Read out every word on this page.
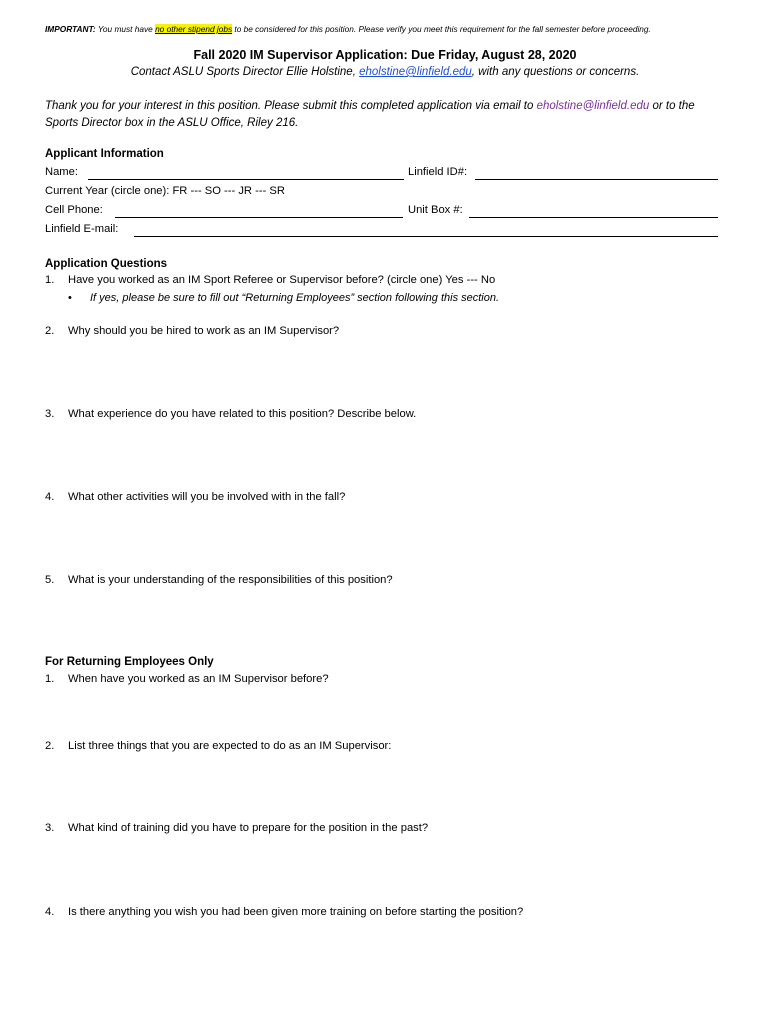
IMPORTANT: You must have no other stipend jobs to be considered for this position. Please verify you meet this requirement for the fall semester before proceeding.
Fall 2020 IM Supervisor Application: Due Friday, August 28, 2020
Contact ASLU Sports Director Ellie Holstine, eholstine@linfield.edu, with any questions or concerns.
Thank you for your interest in this position. Please submit this completed application via email to eholstine@linfield.edu or to the Sports Director box in the ASLU Office, Riley 216.
Applicant Information
Name:	Linfield ID#:
Current Year (circle one): FR --- SO --- JR --- SR
Cell Phone:	Unit Box #:
Linfield E-mail:
Application Questions
1. Have you worked as an IM Sport Referee or Supervisor before? (circle one) Yes --- No
• If yes, please be sure to fill out “Returning Employees” section following this section.
2. Why should you be hired to work as an IM Supervisor?
3. What experience do you have related to this position? Describe below.
4. What other activities will you be involved with in the fall?
5. What is your understanding of the responsibilities of this position?
For Returning Employees Only
1. When have you worked as an IM Supervisor before?
2. List three things that you are expected to do as an IM Supervisor:
3. What kind of training did you have to prepare for the position in the past?
4. Is there anything you wish you had been given more training on before starting the position?
